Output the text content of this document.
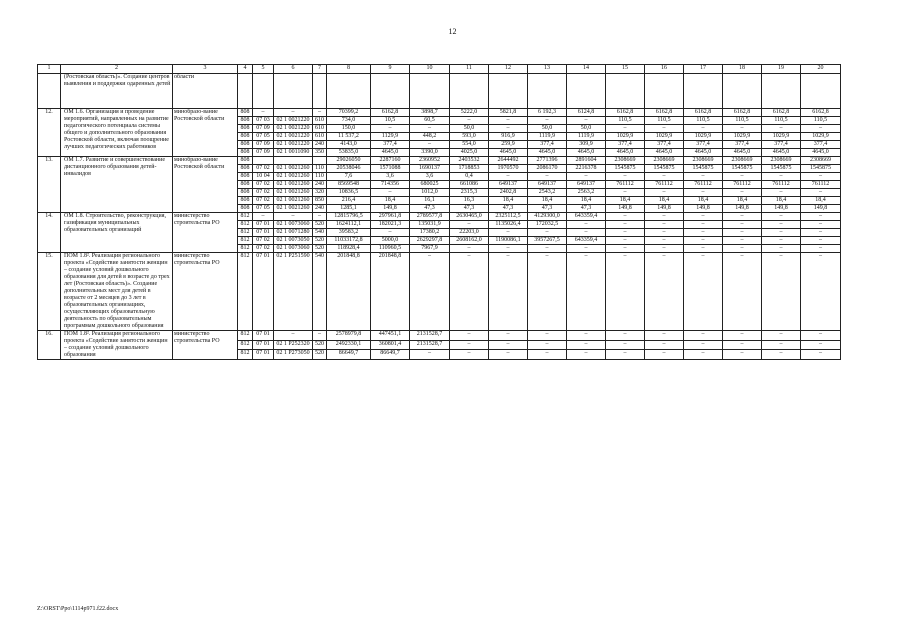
12
1	2	3	4	5	6	7	8	9	10	11	12	13	14	15	16	17	18	19	20
	(Ростовская область)». Создание центров выявления и поддержки одаренных детей	области																	
12.	ОМ 1.6. Организация и проведение мероприятий, направленных на развитие педагогического потенциала системы общего и дополнительного образования Ростовской области, включая поощрение лучших педагогических работников	минобразо-вание Ростовской области	808	–	–	–	70399,2	6162,8	3898,7	5222,0	5821,8	6 192,3	6124,8	6162,8	6162,8	6162,8	6162,8	6162,8	6162,8
			808	07 03	02 1 0021220	610	734,0	10,5	60,5	–	–	–	–	110,5	110,5	110,5	110,5	110,5	110,5
			808	07 09	02 1 0021220	610	150,0	–	–	50,0	–	50,0	50,0	–	–	–	–	–	–
			808	07 05	02 1 0021220	610	11 537,2	1129,9	448,2	593,0	916,9	1119,9	1119,9	1029,9	1029,9	1029,9	1029,9	1029,9	1029,9
			808	07 09	02 1 0021220	240	4143,0	377,4	–	554,0	259,9	377,4	309,9	377,4	377,4	377,4	377,4	377,4	377,4
			808	07 09	02 1 0011090	350	53835,0	4645,0	3390,0	4025,0	4645,0	4645,0	4645,0	4645,0	4645,0	4645,0	4645,0	4645,0	4645,0
13.	ОМ 1.7. Развитие и совершенствование дистанционного образования детей-инвалидов	минобразо-вание Ростовской области	808				29026050	2287160	2360952	2403532	2644492	2771396	2891604	2308669	2308669	2308669	2308669	2308669	2308669
			808	07 02	02 1 0021260	110	20538046	1571088	1690137	1718853	1970570	2086170	2216378	1545875	1545875	1545875	1545875	1545875	1545875
			808	10 04	02 1 0021260	110	7,6	3,6	3,6	0,4	–	–	–	–	–	–	–	–	–
			808	07 02	02 1 0021260	240	8569548	714356	680025	661086	649137	649137	649137	761112	761112	761112	761112	761112	761112
			808	07 02	02 1 0021260	320	10836,5	–	1012,0	2315,3	2402,8	2543,2	2563,2	–	–	–	–	–	–
			808	07 02	02 1 0021260	850	216,4	18,4	16,1	16,3	18,4	18,4	18,4	18,4	18,4	18,4	18,4	18,4	18,4
			808	07 05	02 1 0021260	240	1285,1	149,8	47,3	47,3	47,3	47,3	47,3	149,8	149,8	149,8	149,8	149,8	149,8
14.	ОМ 1.8. Строительство, реконструкция, газификация муниципальных образовательных организаций	министерство строительства РО	812	–	–	–	12815796,5	297961,8	2789577,8	2630465,0	2325112,5	4129300,0	643359,4	–	–	–	–	–	–
			812	07 01	02 1 0073060	520	1624112,1	182021,3	135031,9	–	1135026,4	172032,5	–	–	–	–	–	–	–
			812	07 01	02 1 0071280	540	39583,2	–	17380,2	22203,0	–	–	–	–	–	–	–	–	–
			812	07 02	02 1 0073050	520	11033172,8	5000,0	2629297,8	2608162,0	1190086,1	3957267,5	643359,4	–	–	–	–	–	–
			812	07 02	02 1 0073060	520	118928,4	110960,5	7967,9	–	–	–	–	–	–	–	–	–	–
15.	ПОМ 1.8². Реализация регионального проекта «Содействие занятости женщин – создание условий дошкольного образования для детей в возрасте до трех лет (Ростовская область)». Создание дополнительных мест для детей в возрасте от 2 месяцев до 3 лет в образовательных организациях, осуществляющих образовательную деятельность по образовательным программам дошкольного образования	министерство строительства РО	812	07 01	02 1 P251590	540	201848,8	201848,8	–	–	–	–	–	–	–	–	–	–	–
16.	ПОМ 1.8². Реализация регионального проекта «Содействие занятости женщин – создание условий дошкольного образования	министерство строительства РО	812	07 01	–	–	2578979,8	447451,1	2131528,7	–	–	–	–	–	–	–	–	–	–
			812	07 01	02 1 P252320	520	2492330,1	360801,4	2131528,7	–	–	–	–	–	–	–	–	–	–
			812	07 01	02 1 P273050	520	86649,7	86649,7	–	–	–	–	–	–	–	–	–	–	–
Z:\ORST\Ppo\1114p971.f22.docx
